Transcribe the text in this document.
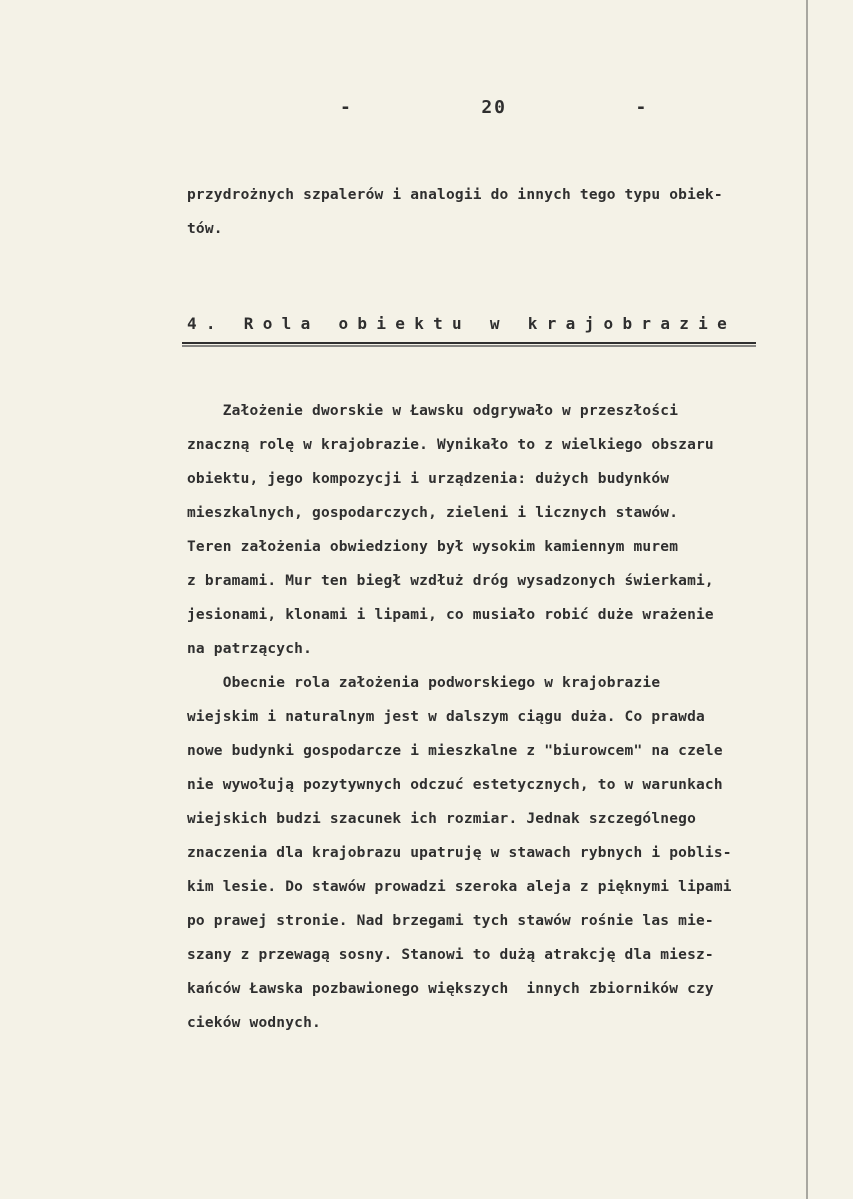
-   20   -
przydrożnych szpalerów i analogii do innych tego typu obiek-
tów.
4. Rola obiektu w krajobrazie
Założenie dworskie w Ławsku odgrywało w przeszłości
znaczną rolę w krajobrazie. Wynikało to z wielkiego obszaru
obiektu, jego kompozycji i urządzenia: dużych budynków
mieszkalnych, gospodarczych, zieleni i licznych stawów.
Teren założenia obwiedziony był wysokim kamiennym murem
z bramami. Mur ten biegł wzdłuż dróg wysadzonych świerkami,
jesionami, klonami i lipami, co musiało robić duże wrażenie
na patrzących.
Obecnie rola założenia podworskiego w krajobrazie
wiejskim i naturalnym jest w dalszym ciągu duża. Co prawda
nowe budynki gospodarcze i mieszkalne z "biurowcem" na czele
nie wywołują pozytywnych odczuć estetycznych, to w warunkach
wiejskich budzi szacunek ich rozmiar. Jednak szczególnego
znaczenia dla krajobrazu upatruję w stawach rybnych i poblis-
kim lesie. Do stawów prowadzi szeroka aleja z pięknymi lipami
po prawej stronie. Nad brzegami tych stawów rośnie las mie-
szany z przewagą sosny. Stanowi to dużą atrakcję dla miesz-
kańców Ławska pozbawionego większych  innych zbiorników czy
cieków wodnych.
